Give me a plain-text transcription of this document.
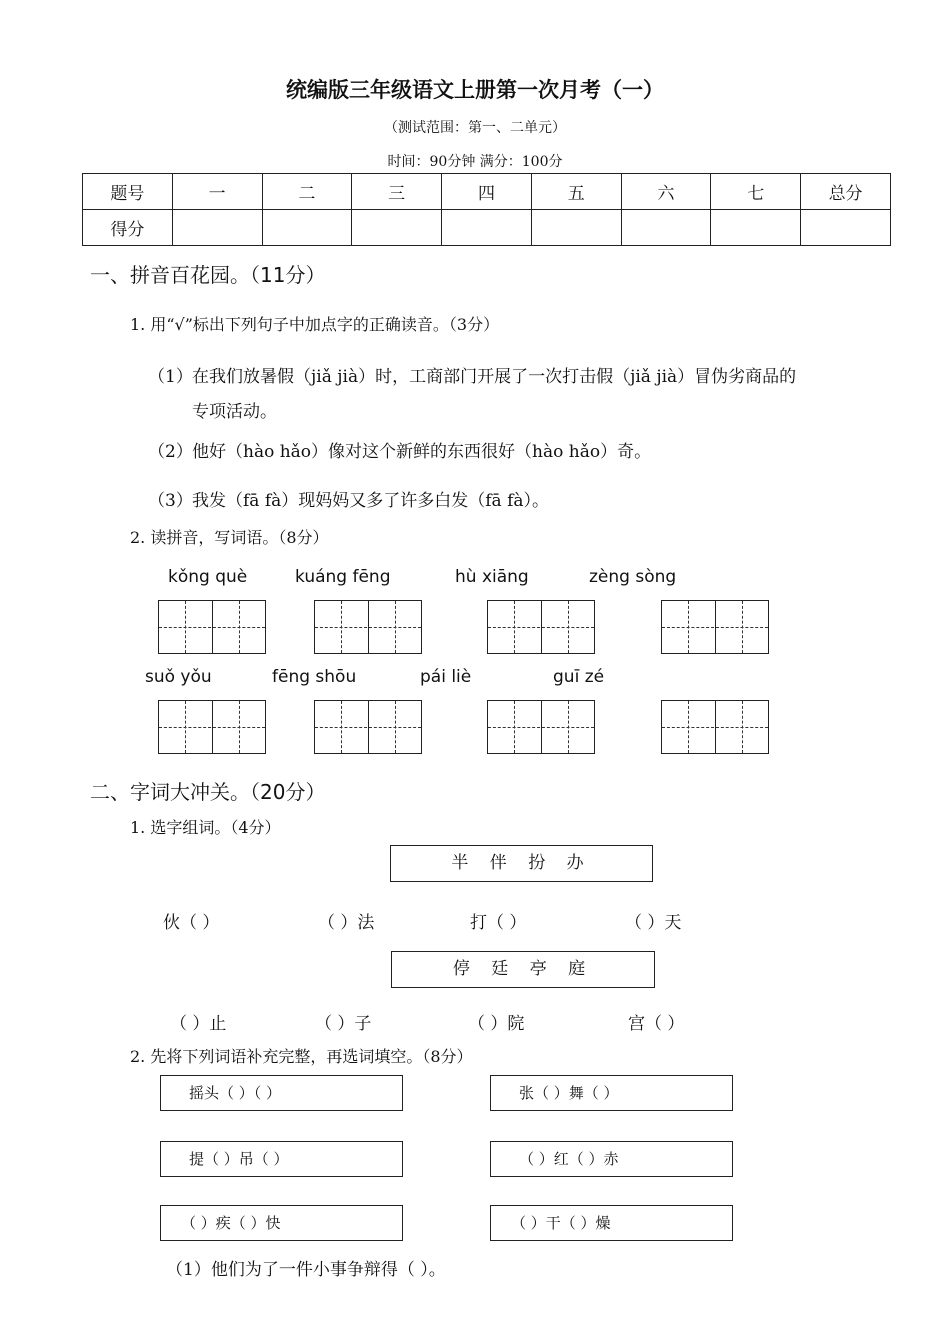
统编版三年级语文上册第一次月考（一）
（测试范围：第一、二单元）
时间：90分钟 满分：100分
题号	一	二	三	四	五	六	七	总分
得分								
一、拼音百花园。（11分）
1. 用“√”标出下列句子中加点字的正确读音。（3分）
（1） 在我们放暑假（jiǎ jià）时，工商部门开展了一次打击假（jiǎ jià）冒伪劣商品的
专项活动。
（2） 他好（hào hǎo）像对这个新鲜的东西很好（hào hǎo）奇。
（3） 我发（fā fà）现妈妈又多了许多白发（fā fà）。
2. 读拼音，写词语。（8分）
kǒng què	kuáng fēng	hù xiāng	zèng sòng
suǒ yǒu	fēng shōu	pái liè	guī zé
二、字词大冲关。（20分）
1. 选字组词。（4分）
半 伴 扮 办
伙（ ）	（ ）法	打（ ）	（ ）天
停 廷 亭 庭
（ ）止	（ ）子	（ ）院	宫（ ）
2. 先将下列词语补充完整，再选词填空。（8分）
摇头（ ）（ ）	张（ ）舞（ ）
提（ ）吊（ ）	（ ）红（ ）赤
（ ）疾（ ）快	（ ）干（ ）燥
（1）他们为了一件小事争辩得（ ）。
